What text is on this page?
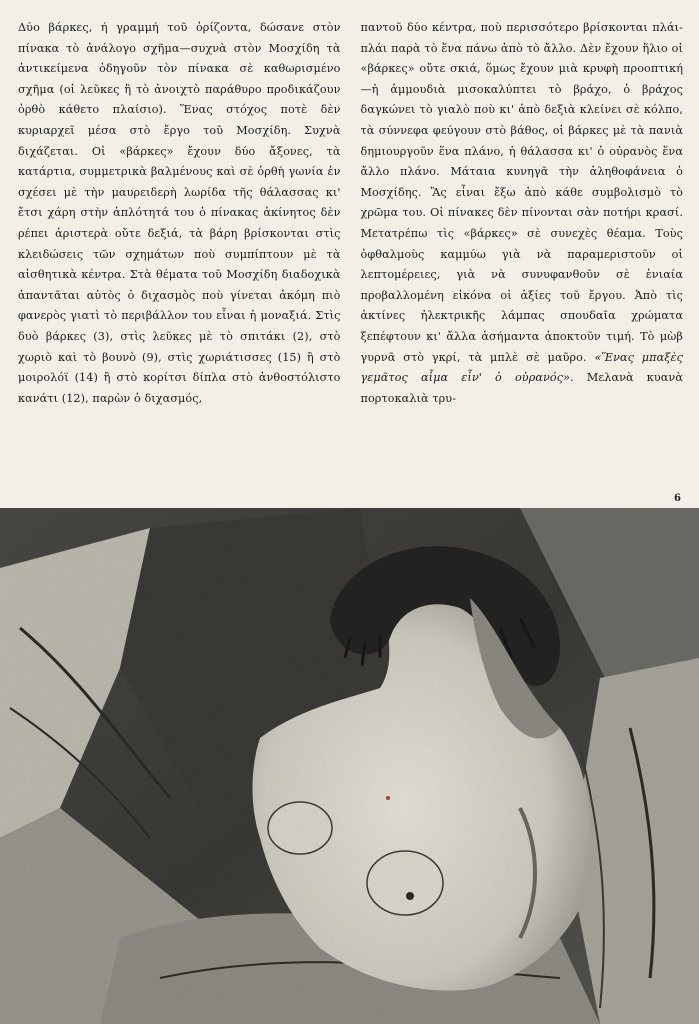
Δύο βάρκες, ή γραμμή τοῦ ὁρίζοντα, δώσανε στὸν πίνακα τὸ ἀνάλογο σχῆμα—συχνὰ στὸν Μοσχίδη τὰ ἀντικείμενα ὁδηγοῦν τὸν πίνακα σὲ καθωρισμένο σχῆμα (οἱ λεῦκες ἢ τὸ ἀνοιχτὸ παράθυρο προδικάζουν ὀρθὸ κάθετο πλαίσιο). Ἕνας στόχος ποτὲ δὲν κυριαρχεῖ μέσα στὸ ἔργο τοῦ Μοσχίδη. Συχνὰ διχάζεται. Οἱ «βάρκες» ἔχουν δύο ἄξονες, τὰ κατάρτια, συμμετρικὰ βαλμένους καὶ σὲ ὀρθὴ γωνία ἐν σχέσει μὲ τὴν μαυρειδερὴ λωρίδα τῆς θάλασσας κι' ἔτσι χάρη στὴν ἁπλότητά του ὁ πίνακας ἀκίνητος δὲν ρέπει ἀριστερὰ οὔτε δεξιά, τὰ βάρη βρίσκονται στὶς κλειδώσεις τῶν σχημάτων ποὺ συμπίπτουν μὲ τὰ αἰσθητικὰ κέντρα. Στὰ θέματα τοῦ Μοσχίδη διαδοχικὰ ἀπαντᾶται αὐτὸς ὁ διχασμὸς ποὺ γίνεται ἀκόμη πιὸ φανερὸς γιατὶ τὸ περιβάλλον του εἶναι ἡ μοναξιά. Στὶς δυὸ βάρκες (3), στὶς λεῦκες μὲ τὸ σπιτάκι (2), στὸ χωριὸ καὶ τὸ βουνὸ (9), στὶς χωριάτισσες (15) ἢ στὸ μοιρολόϊ (14) ἢ στὸ κορίτσι δίπλα στὸ ἀνθοστόλιστο κανάτι (12), παρὼν ὁ διχασμός,

παντοῦ δύο κέντρα, ποὺ περισσότερο βρίσκονται πλάι-πλάι παρὰ τὸ ἕνα πάνω ἀπὸ τὸ ἄλλο. Δὲν ἔχουν ἥλιο οἱ «βάρκες» οὔτε σκιά, ὅμως ἔχουν μιὰ κρυφὴ προοπτική—ἡ ἀμμουδιὰ μισοκαλύπτει τὸ βράχο, ὁ βράχος δαγκώνει τὸ γιαλὸ ποὺ κι' ἀπὸ δεξιὰ κλείνει σὲ κόλπο, τὰ σύννεφα φεύγουν στὸ βάθος, οἱ βάρκες μὲ τὰ πανιὰ δημιουργοῦν ἕνα πλάνο, ἡ θάλασσα κι' ὁ οὐρανὸς ἕνα ἄλλο πλάνο. Μάταια κυνηγᾶ τὴν ἀληθοφάνεια ὁ Μοσχίδης. Ἂς εἶναι ἔξω ἀπὸ κάθε συμβολισμὸ τὸ χρῶμα του. Οἱ πίνακες δὲν πίνονται σὰν ποτήρι κρασί. Μετατρέπω τὶς «βάρκες» σὲ συνεχὲς θέαμα. Τοὺς ὀφθαλμοὺς καμμύω γιὰ νὰ παραμεριστοῦν οἱ λεπτομέρειες, γιὰ νὰ συνυφανθοῦν σὲ ἑνιαία προβαλλομένη εἰκόνα οἱ ἀξίες τοῦ ἔργου. Ἀπὸ τὶς ἀκτίνες ἠλεκτρικῆς λάμπας σπουδαῖα χρώματα ξεπέφτουν κι' ἄλλα ἀσήμαντα ἀποκτοῦν τιμή. Τὸ μὼβ γυρνᾶ στὸ γκρί, τὰ μπλὲ σὲ μαῦρο. «Ἕνας μπαξὲς γεμᾶτος αἷμα εἶν' ὁ οὐρανός». Μελανὰ κυανὰ πορτοκαλιὰ τρυ-

6
